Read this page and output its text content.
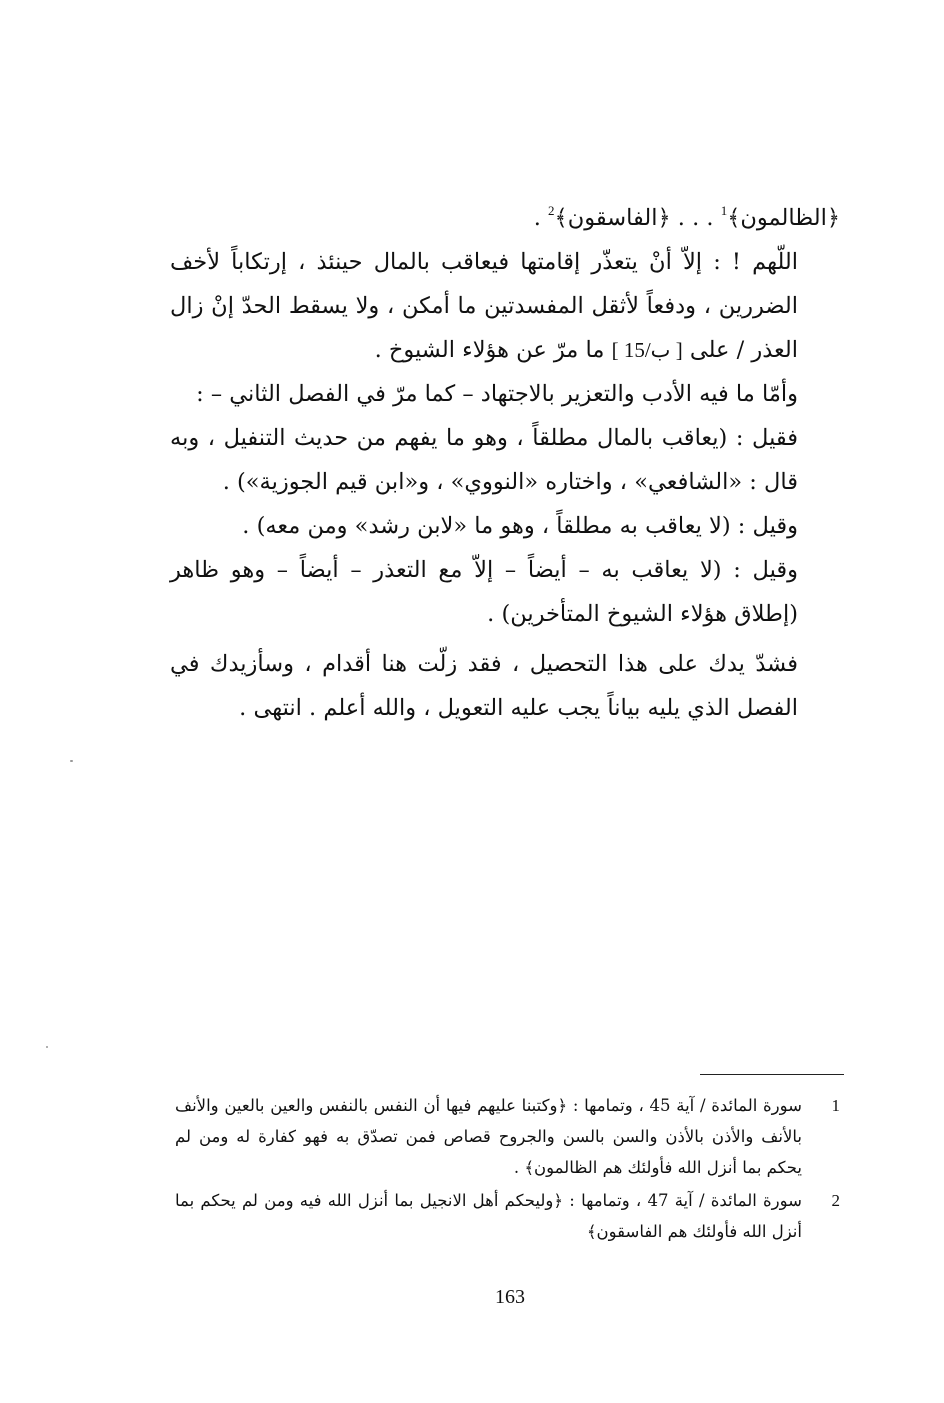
﴿الظالمون﴾$^1$ . . . ﴿الفاسقون﴾$^2$ .

اللّهم ! : إلاّ أنْ يتعذّر إقامتها فيعاقب بالمال حينئذ ، إرتكاباً لأخف الضررين ، ودفعاً لأثقل المفسدتين ما أمكن ، ولا يسقط الحدّ إنْ زال العذر / على [ 15/ب ] ما مرّ عن هؤلاء الشيوخ .

وأمّا ما فيه الأدب والتعزير بالاجتهاد – كما مرّ في الفصل الثاني – :

فقيل : (يعاقب بالمال مطلقاً ، وهو ما يفهم من حديث التنفيل ، وبه قال : «الشافعي» ، واختاره «النووي» ، و«ابن قيم الجوزية») .

وقيل : (لا يعاقب به مطلقاً ، وهو ما «لابن رشد» ومن معه) .

وقيل : (لا يعاقب به – أيضاً – إلاّ مع التعذر – أيضاً – وهو ظاهر (إطلاق هؤلاء الشيوخ المتأخرين) .

فشدّ يدك على هذا التحصيل ، فقد زلّت هنا أقدام ، وسأزيدك في الفصل الذي يليه بياناً يجب عليه التعويل ، والله أعلم . انتهى .

1
سورة المائدة / آية 45 ، وتمامها : ﴿وكتبنا عليهم فيها أن النفس بالنفس والعين بالعين والأنف بالأنف والأذن بالأذن والسن بالسن والجروح قصاص فمن تصدّق به فهو كفارة له ومن لم يحكم بما أنزل الله فأولئك هم الظالمون﴾ .
2
سورة المائدة / آية 47 ، وتمامها : ﴿وليحكم أهل الانجيل بما أنزل الله فيه ومن لم يحكم بما أنزل الله فأولئك هم الفاسقون﴾
163
